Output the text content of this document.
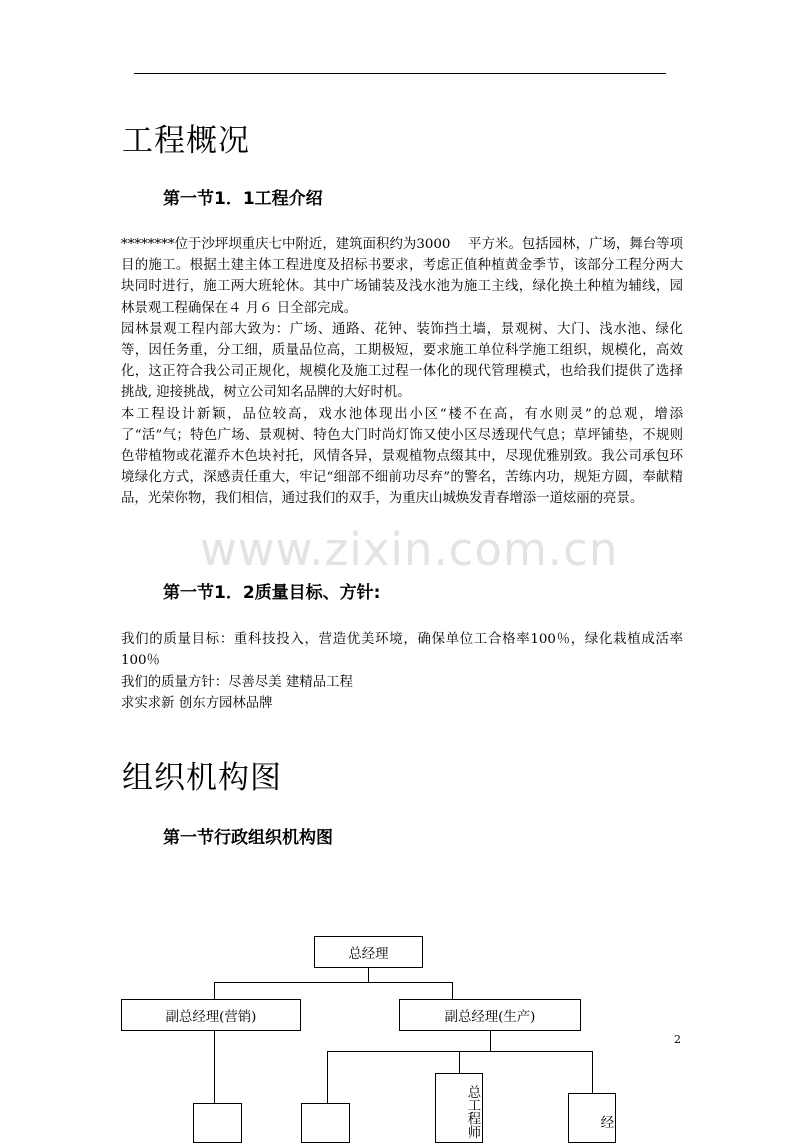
工程概况
第一节1．1工程介绍

********位于沙坪坝重庆七中附近，建筑面积约为3000　 平方米。包括园林，广场，舞台等项目的施工。根据土建主体工程进度及招标书要求，考虑正值种植黄金季节，该部分工程分两大块同时进行，施工两大班轮休。其中广场铺装及浅水池为施工主线，绿化换土种植为辅线，园林景观工程确保在４ 月６ 日全部完成。

园林景观工程内部大致为：广场、通路、花钟、装饰挡土墙，景观树、大门、浅水池、绿化等，因任务重，分工细，质量品位高，工期极短，要求施工单位科学施工组织，规模化，高效化，这正符合我公司正规化，规模化及施工过程一体化的现代管理模式，也给我们提供了选择挑战, 迎接挑战，树立公司知名品牌的大好时机。

本工程设计新颖，品位较高，戏水池体现出小区“楼不在高，有水则灵”的总观，增添了“活”气；特色广场、景观树、特色大门时尚灯饰又使小区尽透现代气息；草坪铺垫，不规则色带植物或花灌乔木色块衬托，风情各异，景观植物点缀其中，尽现优雅别致。我公司承包环境绿化方式，深感责任重大，牢记“细部不细前功尽弃”的警名，苦练内功，规矩方圆，奉献精品，光荣你物，我们相信，通过我们的双手，为重庆山城焕发青春增添一道炫丽的亮景。

www.zixin.com.cn
第一节1．2质量目标、方针:
我们的质量目标：重科技投入，营造优美环境，确保单位工合格率100％，绿化栽植成活率100％
我们的质量方针：尽善尽美 建精品工程
求实求新 创东方园林品牌
组织机构图
第一节行政组织机构图
总经理
副总经理(营销)	副总经理(生产)
总工程师	经
2
